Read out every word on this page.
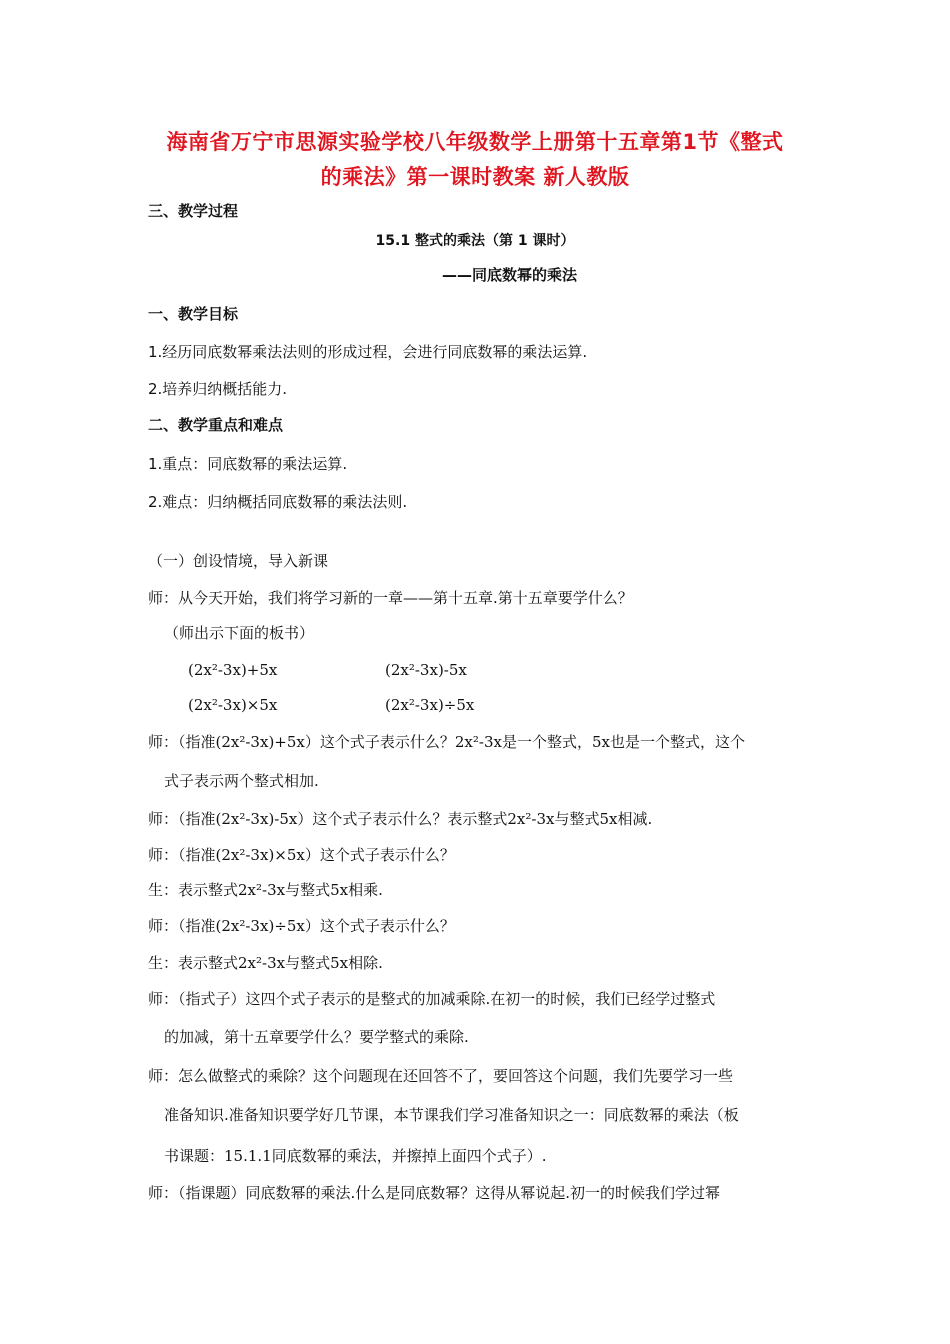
海南省万宁市思源实验学校八年级数学上册第十五章第1节《整式
的乘法》第一课时教案 新人教版
三、教学过程
15.1 整式的乘法（第 1 课时）
——同底数幂的乘法
一、教学目标
1.经历同底数幂乘法法则的形成过程，会进行同底数幂的乘法运算.
2.培养归纳概括能力.
二、教学重点和难点
1.重点：同底数幂的乘法运算.
2.难点：归纳概括同底数幂的乘法法则.
（一）创设情境，导入新课
师：从今天开始，我们将学习新的一章——第十五章.第十五章要学什么？
（师出示下面的板书）
(2x²-3x)+5x	(2x²-3x)-5x
(2x²-3x)×5x	(2x²-3x)÷5x
师：（指准(2x²-3x)+5x）这个式子表示什么？2x²-3x是一个整式，5x也是一个整式，这个
式子表示两个整式相加.
师：（指准(2x²-3x)-5x）这个式子表示什么？表示整式2x²-3x与整式5x相减.
师：（指准(2x²-3x)×5x）这个式子表示什么？
生：表示整式2x²-3x与整式5x相乘.
师：（指准(2x²-3x)÷5x）这个式子表示什么？
生：表示整式2x²-3x与整式5x相除.
师：（指式子）这四个式子表示的是整式的加减乘除.在初一的时候，我们已经学过整式
的加减，第十五章要学什么？要学整式的乘除.
师：怎么做整式的乘除？这个问题现在还回答不了，要回答这个问题，我们先要学习一些
准备知识.准备知识要学好几节课，本节课我们学习准备知识之一：同底数幂的乘法（板
书课题：15.1.1同底数幂的乘法，并擦掉上面四个式子）.
师：（指课题）同底数幂的乘法.什么是同底数幂？这得从幂说起.初一的时候我们学过幂
